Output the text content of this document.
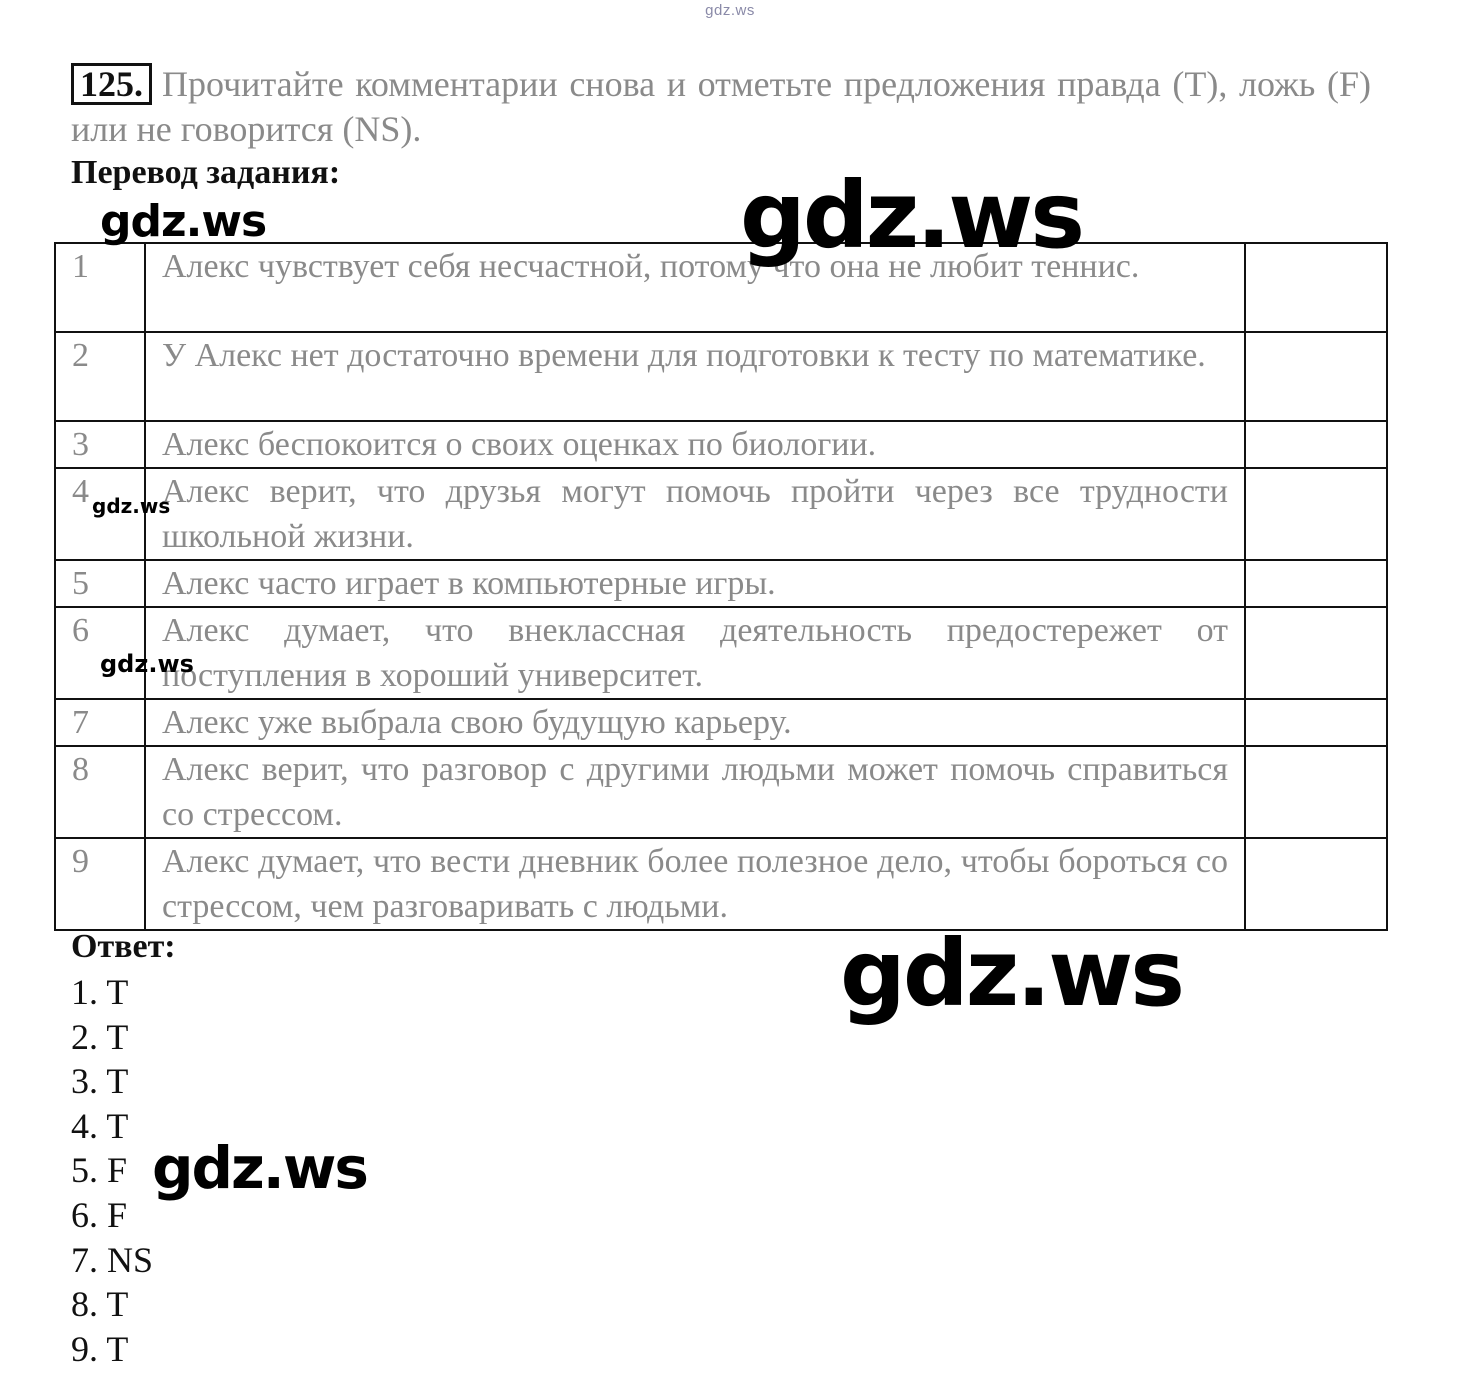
gdz.ws
125. Прочитайте комментарии снова и отметьте предложения правда (T), ложь (F) или не говорится (NS).
Перевод задания:
1	Алекс чувствует себя несчастной, потому что она не любит теннис.	
2	У Алекс нет достаточно времени для подготовки к тесту по математике.	
3	Алекс беспокоится о своих оценках по биологии.	
4	Алекс верит, что друзья могут помочь пройти через все трудности школьной жизни.	
5	Алекс часто играет в компьютерные игры.	
6	Алекс думает, что внеклассная деятельность предостережет от поступления в хороший университет.	
7	Алекс уже выбрала свою будущую карьеру.	
8	Алекс верит, что разговор с другими людьми может помочь справиться со стрессом.	
9	Алекс думает, что вести дневник более полезное дело, чтобы бороться со стрессом, чем разговаривать с людьми.	
Ответ:
1. T
2. T
3. T
4. T
5. F
6. F
7. NS
8. T
9. T
gdz.ws	gdz.ws
gdz.ws
gdz.ws
gdz.ws
gdz.ws
